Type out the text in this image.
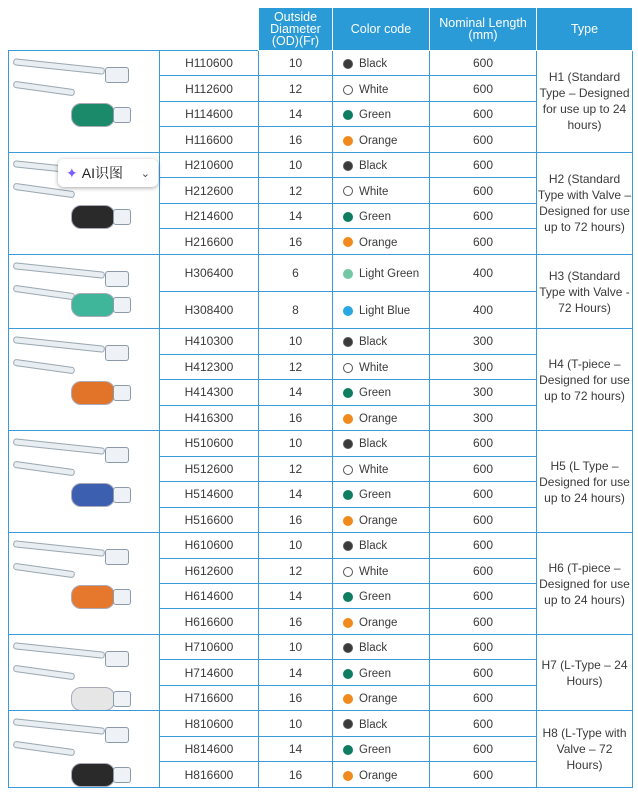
		Outside Diameter (OD)(Fr)	Color code	Nominal Length (mm)	Type

	H110600	10	Black	600	H1 (Standard Type – Designed for use up to 24 hours)
	H112600	12	White	600	
	H114600	14	Green	600	
	H116600	16	Orange	600	

	H210600	10	Black	600	H2 (Standard Type with Valve – Designed for use up to 72 hours)
	H212600	12	White	600	
	H214600	14	Green	600	
	H216600	16	Orange	600	

	H306400	6	Light Green	400	H3 (Standard Type with Valve - 72 Hours)
	H308400	8	Light Blue	400	

	H410300	10	Black	300	H4 (T-piece – Designed for use up to 72 hours)
	H412300	12	White	300	
	H414300	14	Green	300	
	H416300	16	Orange	300	

	H510600	10	Black	600	H5 (L Type – Designed for use up to 24 hours)
	H512600	12	White	600	
	H514600	14	Green	600	
	H516600	16	Orange	600	

	H610600	10	Black	600	H6 (T-piece – Designed for use up to 24 hours)
	H612600	12	White	600	
	H614600	14	Green	600	
	H616600	16	Orange	600	

	H710600	10	Black	600	H7 (L-Type – 24 Hours)
	H714600	14	Green	600	
	H716600	16	Orange	600	

	H810600	10	Black	600	H8 (L-Type with Valve – 72 Hours)
	H814600	14	Green	600	
	H816600	16	Orange	600	
✦ AI识图 ⌄
